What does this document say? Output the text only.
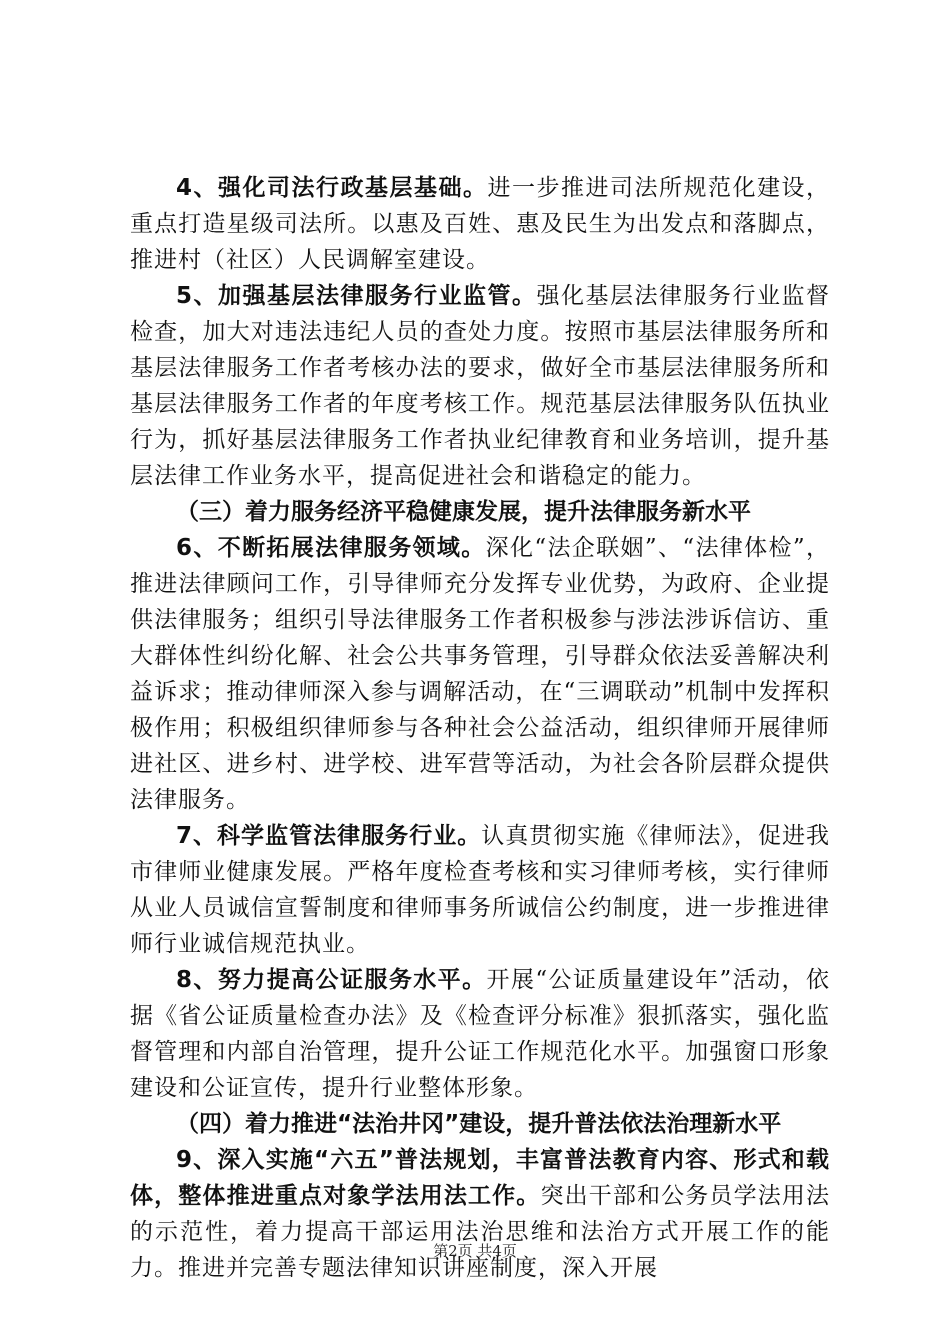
4、强化司法行政基层基础。进一步推进司法所规范化建设，重点打造星级司法所。以惠及百姓、惠及民生为出发点和落脚点，推进村（社区）人民调解室建设。

5、加强基层法律服务行业监管。强化基层法律服务行业监督检查，加大对违法违纪人员的查处力度。按照市基层法律服务所和基层法律服务工作者考核办法的要求，做好全市基层法律服务所和基层法律服务工作者的年度考核工作。规范基层法律服务队伍执业行为，抓好基层法律服务工作者执业纪律教育和业务培训，提升基层法律工作业务水平，提高促进社会和谐稳定的能力。

（三）着力服务经济平稳健康发展，提升法律服务新水平

6、不断拓展法律服务领域。深化“法企联姻”、“法律体检”，推进法律顾问工作，引导律师充分发挥专业优势，为政府、企业提供法律服务；组织引导法律服务工作者积极参与涉法涉诉信访、重大群体性纠纷化解、社会公共事务管理，引导群众依法妥善解决利益诉求；推动律师深入参与调解活动，在“三调联动”机制中发挥积极作用；积极组织律师参与各种社会公益活动，组织律师开展律师进社区、进乡村、进学校、进军营等活动，为社会各阶层群众提供法律服务。

7、科学监管法律服务行业。认真贯彻实施《律师法》，促进我市律师业健康发展。严格年度检查考核和实习律师考核，实行律师从业人员诚信宣誓制度和律师事务所诚信公约制度，进一步推进律师行业诚信规范执业。

8、努力提高公证服务水平。开展“公证质量建设年”活动，依据《省公证质量检查办法》及《检查评分标准》狠抓落实，强化监督管理和内部自治管理，提升公证工作规范化水平。加强窗口形象建设和公证宣传，提升行业整体形象。

（四）着力推进“法治井冈”建设，提升普法依法治理新水平

9、深入实施“六五”普法规划，丰富普法教育内容、形式和载体，整体推进重点对象学法用法工作。突出干部和公务员学法用法的示范性，着力提高干部运用法治思维和法治方式开展工作的能力。推进并完善专题法律知识讲座制度，深入开展

第2页 共4页
